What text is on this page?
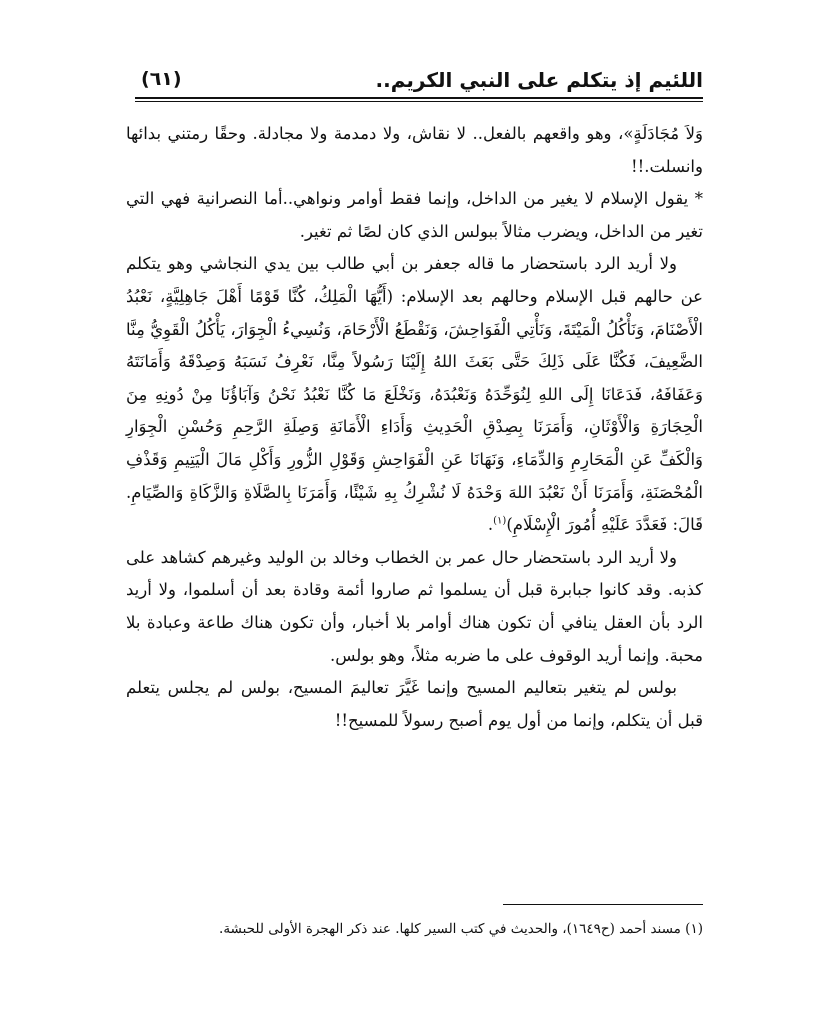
اللئيم إذ يتكلم على النبي الكريم..
(٦١)

وَلاَ مُجَادَلَةٍ»، وهو واقعهم بالفعل.. لا نقاش، ولا دمدمة ولا مجادلة. وحقًا رمتني بدائها وانسلت.!!

* يقول الإسلام لا يغير من الداخل، وإنما فقط أوامر ونواهي..أما النصرانية فهي التي تغير من الداخل، ويضرب مثالاً ببولس الذي كان لصًا ثم تغير.

ولا أريد الرد باستحضار ما قاله جعفر بن أبي طالب بين يدي النجاشي وهو يتكلم عن حالهم قبل الإسلام وحالهم بعد الإسلام: (أَيُّهَا الْمَلِكُ، كُنَّا قَوْمًا أَهْلَ جَاهِلِيَّةٍ، نَعْبُدُ الْأَصْنَامَ، وَنَأْكُلُ الْمَيْتَةَ، وَنَأْتِي الْفَوَاحِشَ، وَنَقْطَعُ الْأَرْحَامَ، وَنُسِيءُ الْجِوَارَ، يَأْكُلُ الْقَوِيُّ مِنَّا الضَّعِيفَ، فَكُنَّا عَلَى ذَلِكَ حَتَّى بَعَثَ اللهُ إِلَيْنَا رَسُولاً مِنَّا، نَعْرِفُ نَسَبَهُ وَصِدْقَهُ وَأَمَانَتَهُ وَعَفَافَهُ، فَدَعَانَا إِلَى اللهِ لِنُوَحِّدَهُ وَنَعْبُدَهُ، وَنَخْلَعَ مَا كُنَّا نَعْبُدُ نَحْنُ وَآبَاؤُنَا مِنْ دُونِهِ مِنَ الْحِجَارَةِ وَالْأَوْثَانِ، وَأَمَرَنَا بِصِدْقِ الْحَدِيثِ وَأَدَاءِ الْأَمَانَةِ وَصِلَةِ الرَّحِمِ وَحُسْنِ الْجِوَارِ وَالْكَفِّ عَنِ الْمَحَارِمِ وَالدِّمَاءِ، وَنَهَانَا عَنِ الْفَوَاحِشِ وَقَوْلِ الزُّورِ وَأَكْلِ مَالَ الْيَتِيمِ وَقَذْفِ الْمُحْصَنَةِ، وَأَمَرَنَا أَنْ نَعْبُدَ اللهَ وَحْدَهُ لَا نُشْرِكُ بِهِ شَيْئًا، وَأَمَرَنَا بِالصَّلَاةِ وَالزَّكَاةِ وَالصِّيَامِ. قَالَ: فَعَدَّدَ عَلَيْهِ أُمُورَ الْإِسْلَامِ)$^{(١)}$.

ولا أريد الرد باستحضار حال عمر بن الخطاب وخالد بن الوليد وغيرهم كشاهد على كذبه. وقد كانوا جبابرة قبل أن يسلموا ثم صاروا أئمة وقادة بعد أن أسلموا، ولا أريد الرد بأن العقل ينافي أن تكون هناك أوامر بلا أخبار، وأن تكون هناك طاعة وعبادة بلا محبة. وإنما أريد الوقوف على ما ضربه مثلاً، وهو بولس.

بولس لم يتغير بتعاليم المسيح وإنما غَيَّرَ تعاليمَ المسيح، بولس لم يجلس يتعلم قبل أن يتكلم، وإنما من أول يوم أصبح رسولاً للمسيح!!

(١) مسند أحمد (ح١٦٤٩)، والحديث في كتب السير كلها. عند ذكر الهجرة الأولى للحبشة.
